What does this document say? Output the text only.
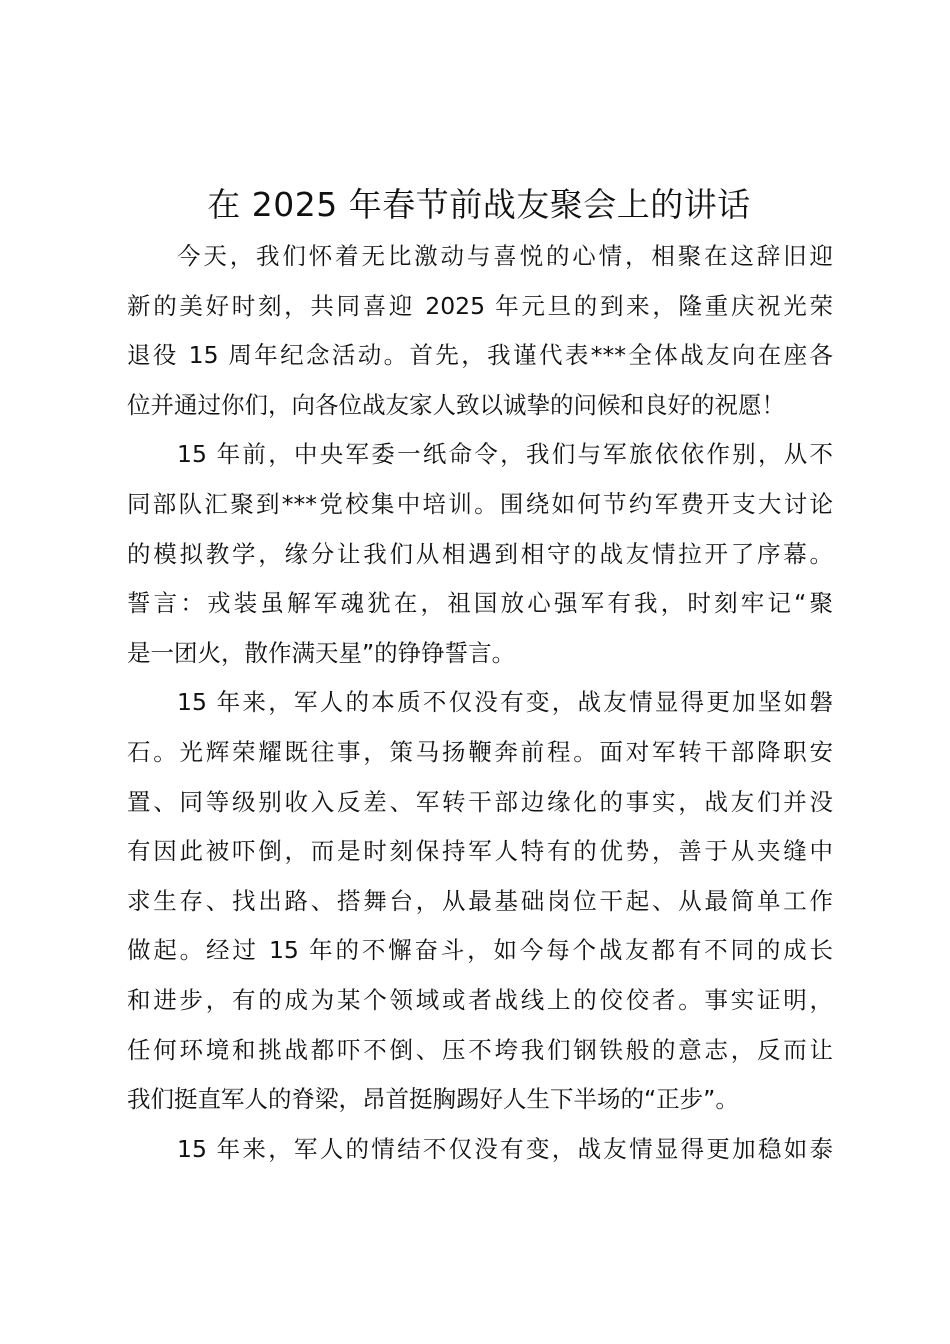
在 2025 年春节前战友聚会上的讲话
今天，我们怀着无比激动与喜悦的心情，相聚在这辞旧迎
新的美好时刻，共同喜迎 2025 年元旦的到来，隆重庆祝光荣
退役 15 周年纪念活动。首先，我谨代表***全体战友向在座各
位并通过你们，向各位战友家人致以诚挚的问候和良好的祝愿！
15 年前，中央军委一纸命令，我们与军旅依依作别，从不
同部队汇聚到***党校集中培训。围绕如何节约军费开支大讨论
的模拟教学，缘分让我们从相遇到相守的战友情拉开了序幕。
誓言：戎装虽解军魂犹在，祖国放心强军有我，时刻牢记“聚
是一团火，散作满天星”的铮铮誓言。
15 年来，军人的本质不仅没有变，战友情显得更加坚如磐
石。光辉荣耀既往事，策马扬鞭奔前程。面对军转干部降职安
置、同等级别收入反差、军转干部边缘化的事实，战友们并没
有因此被吓倒，而是时刻保持军人特有的优势，善于从夹缝中
求生存、找出路、搭舞台，从最基础岗位干起、从最简单工作
做起。经过 15 年的不懈奋斗，如今每个战友都有不同的成长
和进步，有的成为某个领域或者战线上的佼佼者。事实证明，
任何环境和挑战都吓不倒、压不垮我们钢铁般的意志，反而让
我们挺直军人的脊梁，昂首挺胸踢好人生下半场的“正步”。
15 年来，军人的情结不仅没有变，战友情显得更加稳如泰
